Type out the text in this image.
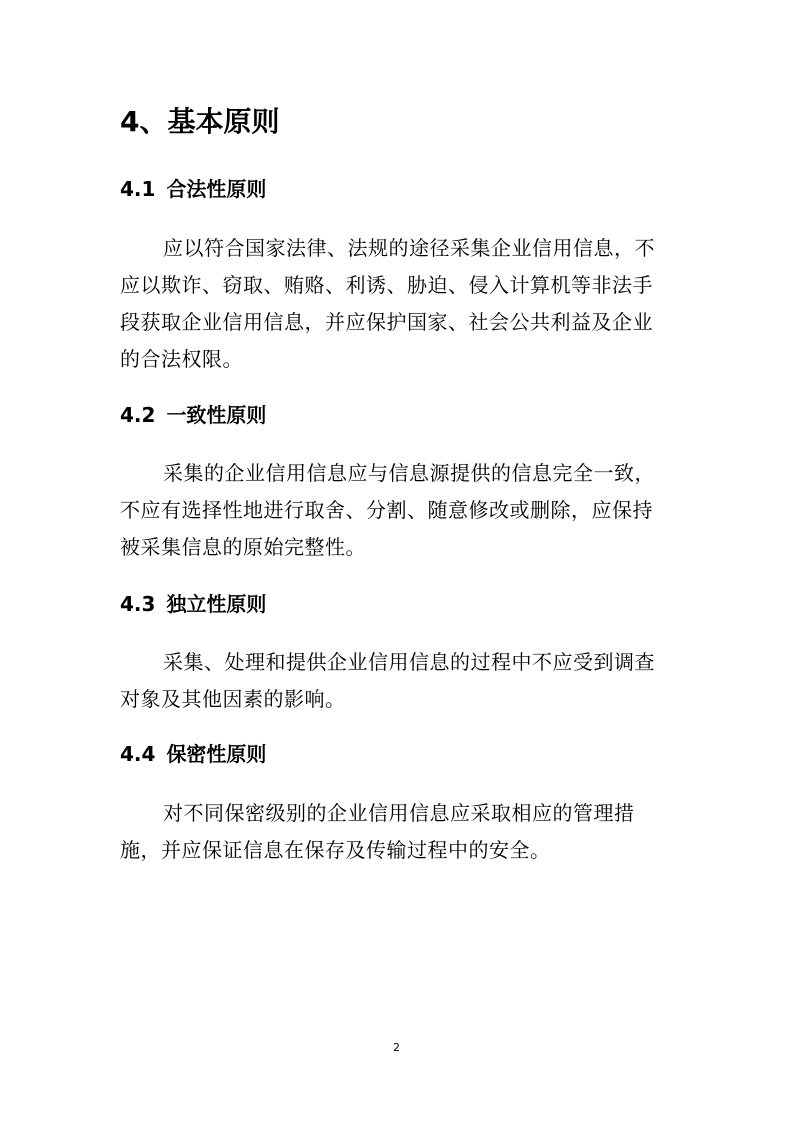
4、基本原则
4.1 合法性原则

应以符合国家法律、法规的途径采集企业信用信息，不
应以欺诈、窃取、贿赂、利诱、胁迫、侵入计算机等非法手
段获取企业信用信息，并应保护国家、社会公共利益及企业
的合法权限。

4.2 一致性原则

采集的企业信用信息应与信息源提供的信息完全一致，
不应有选择性地进行取舍、分割、随意修改或删除，应保持
被采集信息的原始完整性。

4.3 独立性原则

采集、处理和提供企业信用信息的过程中不应受到调查
对象及其他因素的影响。

4.4 保密性原则

对不同保密级别的企业信用信息应采取相应的管理措
施，并应保证信息在保存及传输过程中的安全。

2
